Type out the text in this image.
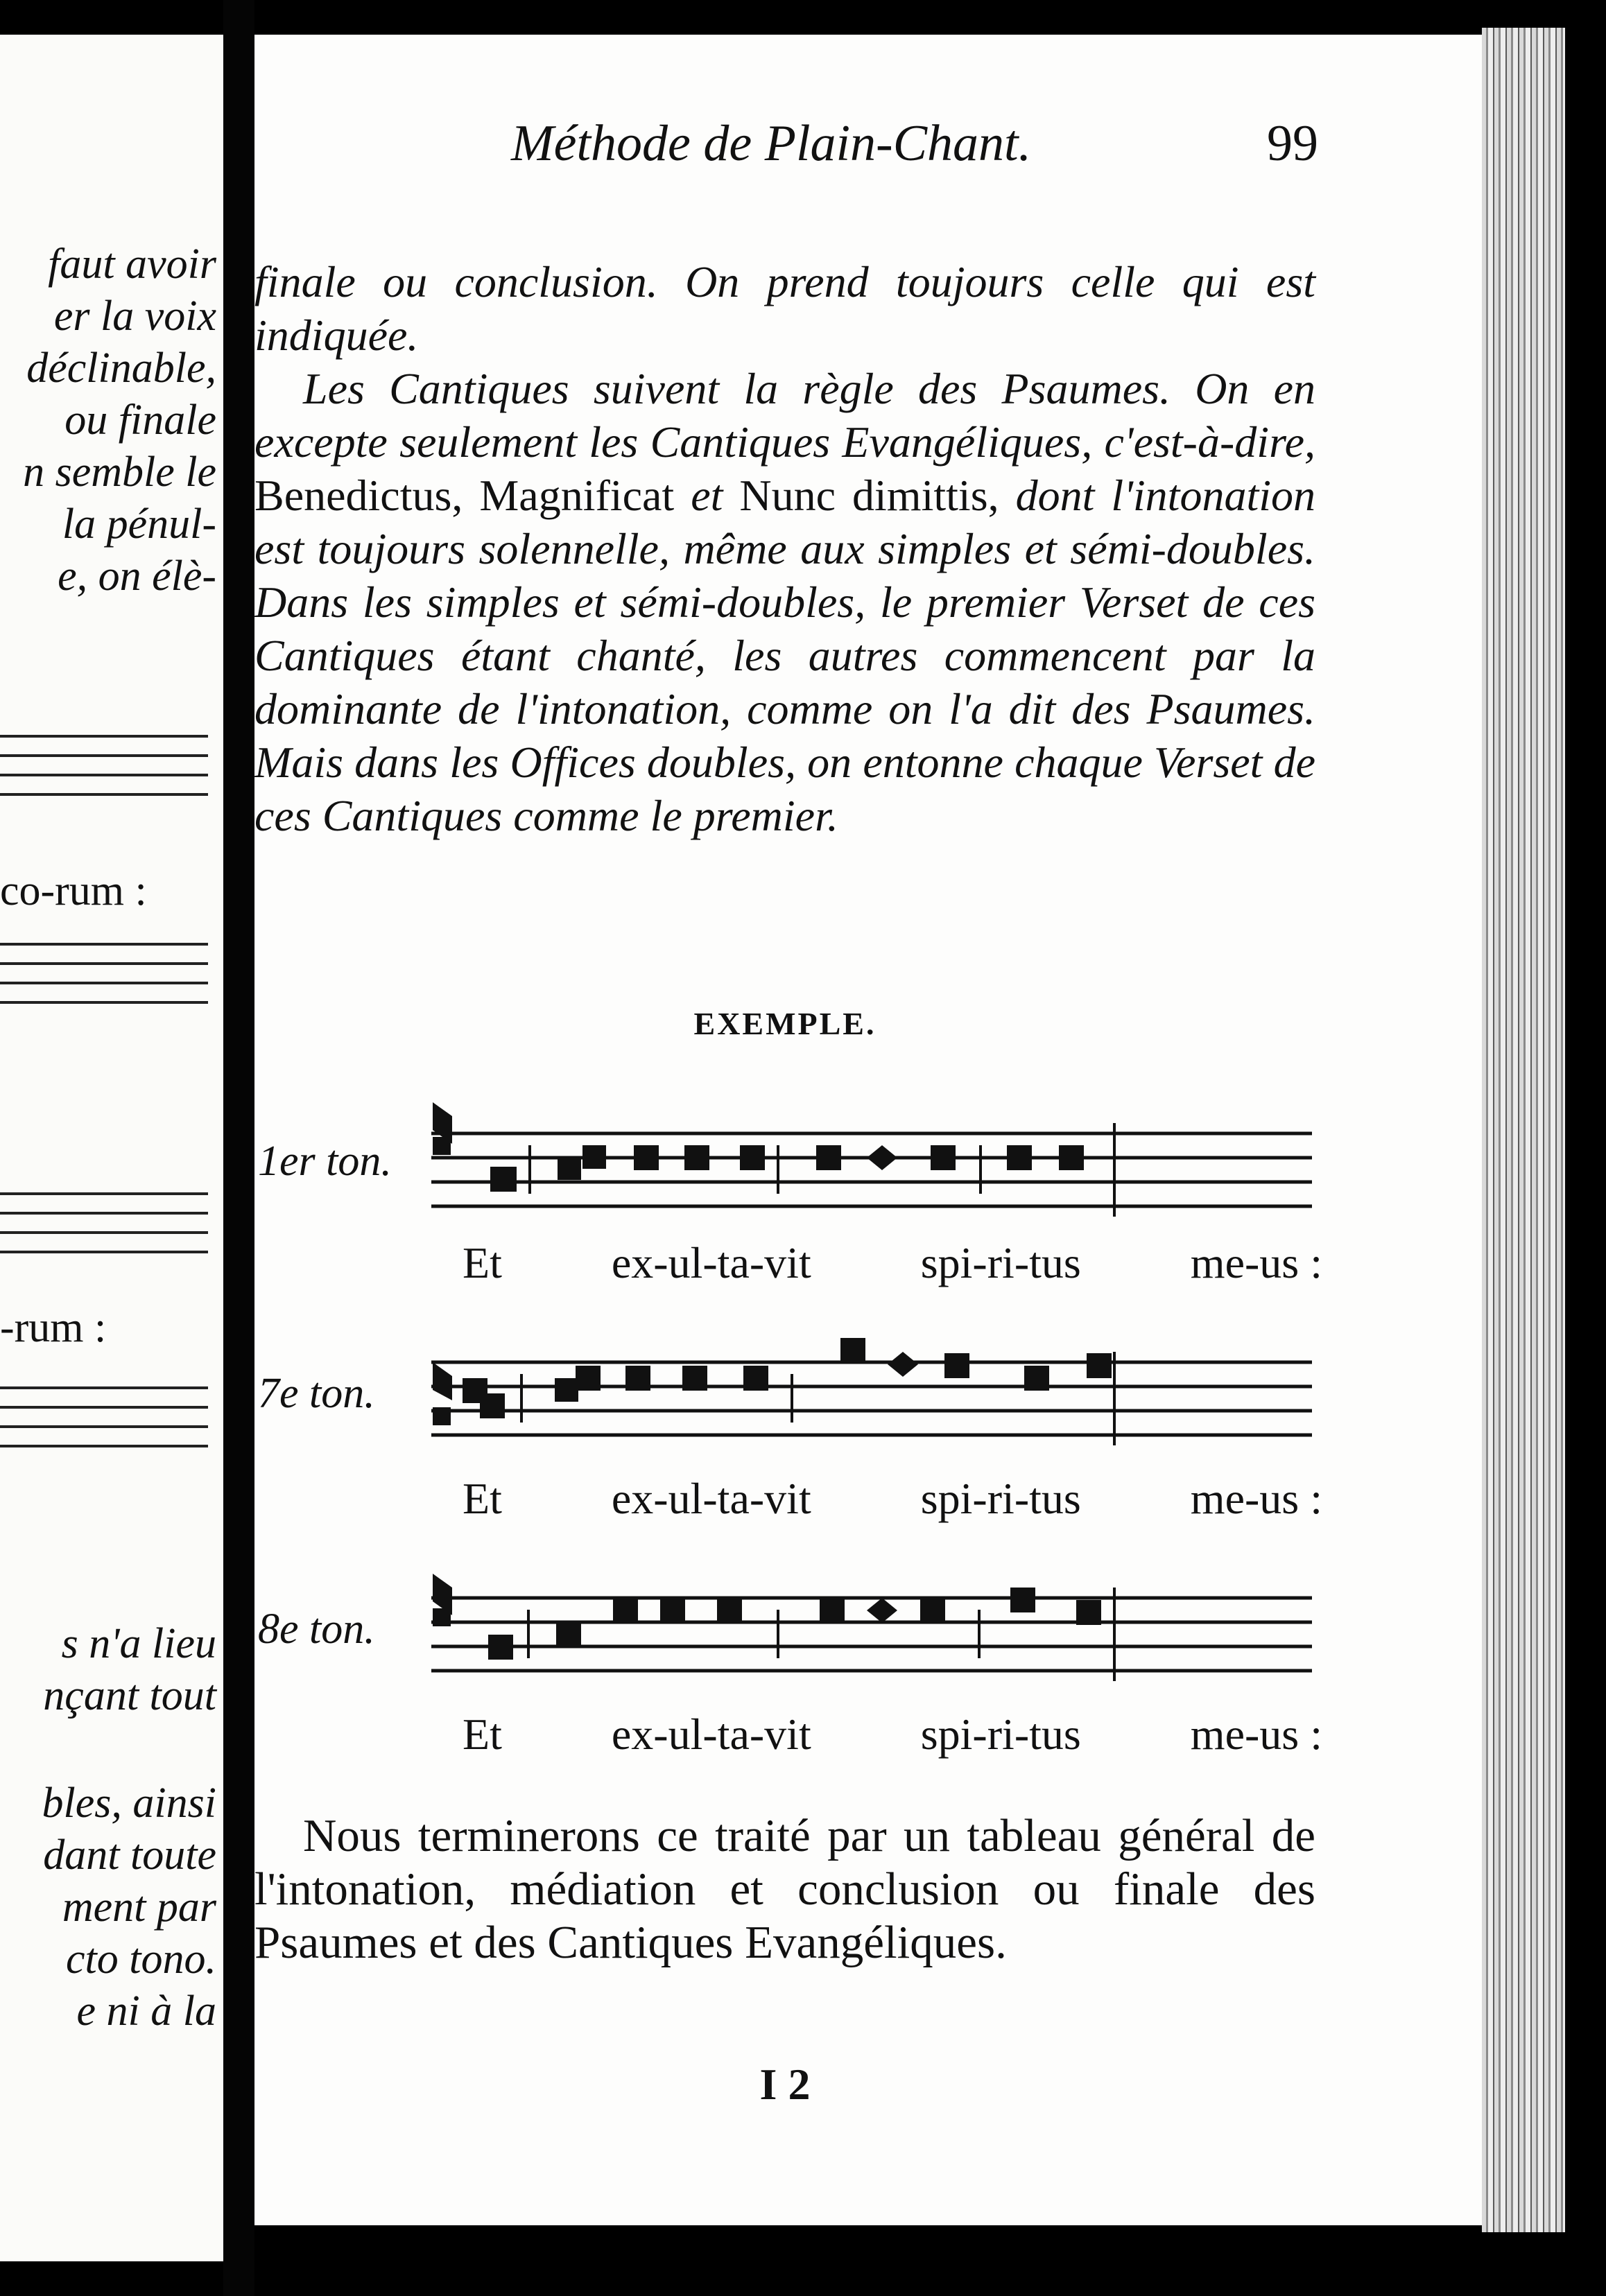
faut avoir
er la voix
déclinable,
ou finale
n semble le
la pénul-
e, on élè-
co-rum :
-rum :
s n'a lieu
nçant tout
bles, ainsi
dant toute
ment par
cto tono.
e ni à la
Méthode de Plain-Chant.	99

finale ou conclusion. On prend toujours celle qui est indiquée.

Les Cantiques suivent la règle des Psaumes. On en excepte seulement les Cantiques Evangéliques, c'est-à-dire, Benedictus, Magnificat et Nunc dimittis, dont l'intonation est toujours solennelle, même aux simples et sémi-doubles. Dans les simples et sémi-doubles, le premier Verset de ces Cantiques étant chanté, les autres commencent par la dominante de l'intonation, comme on l'a dit des Psaumes. Mais dans les Offices doubles, on entonne chaque Verset de ces Cantiques comme le premier.

EXEMPLE.
1er ton.
Et ex-ul-ta-vit spi-ri-tus me-us :
7e ton.
Et ex-ul-ta-vit spi-ri-tus me-us :
8e ton.
Et ex-ul-ta-vit spi-ri-tus me-us :

Nous terminerons ce traité par un tableau général de l'intonation, médiation et conclusion ou finale des Psaumes et des Cantiques Evangéliques.

I 2
